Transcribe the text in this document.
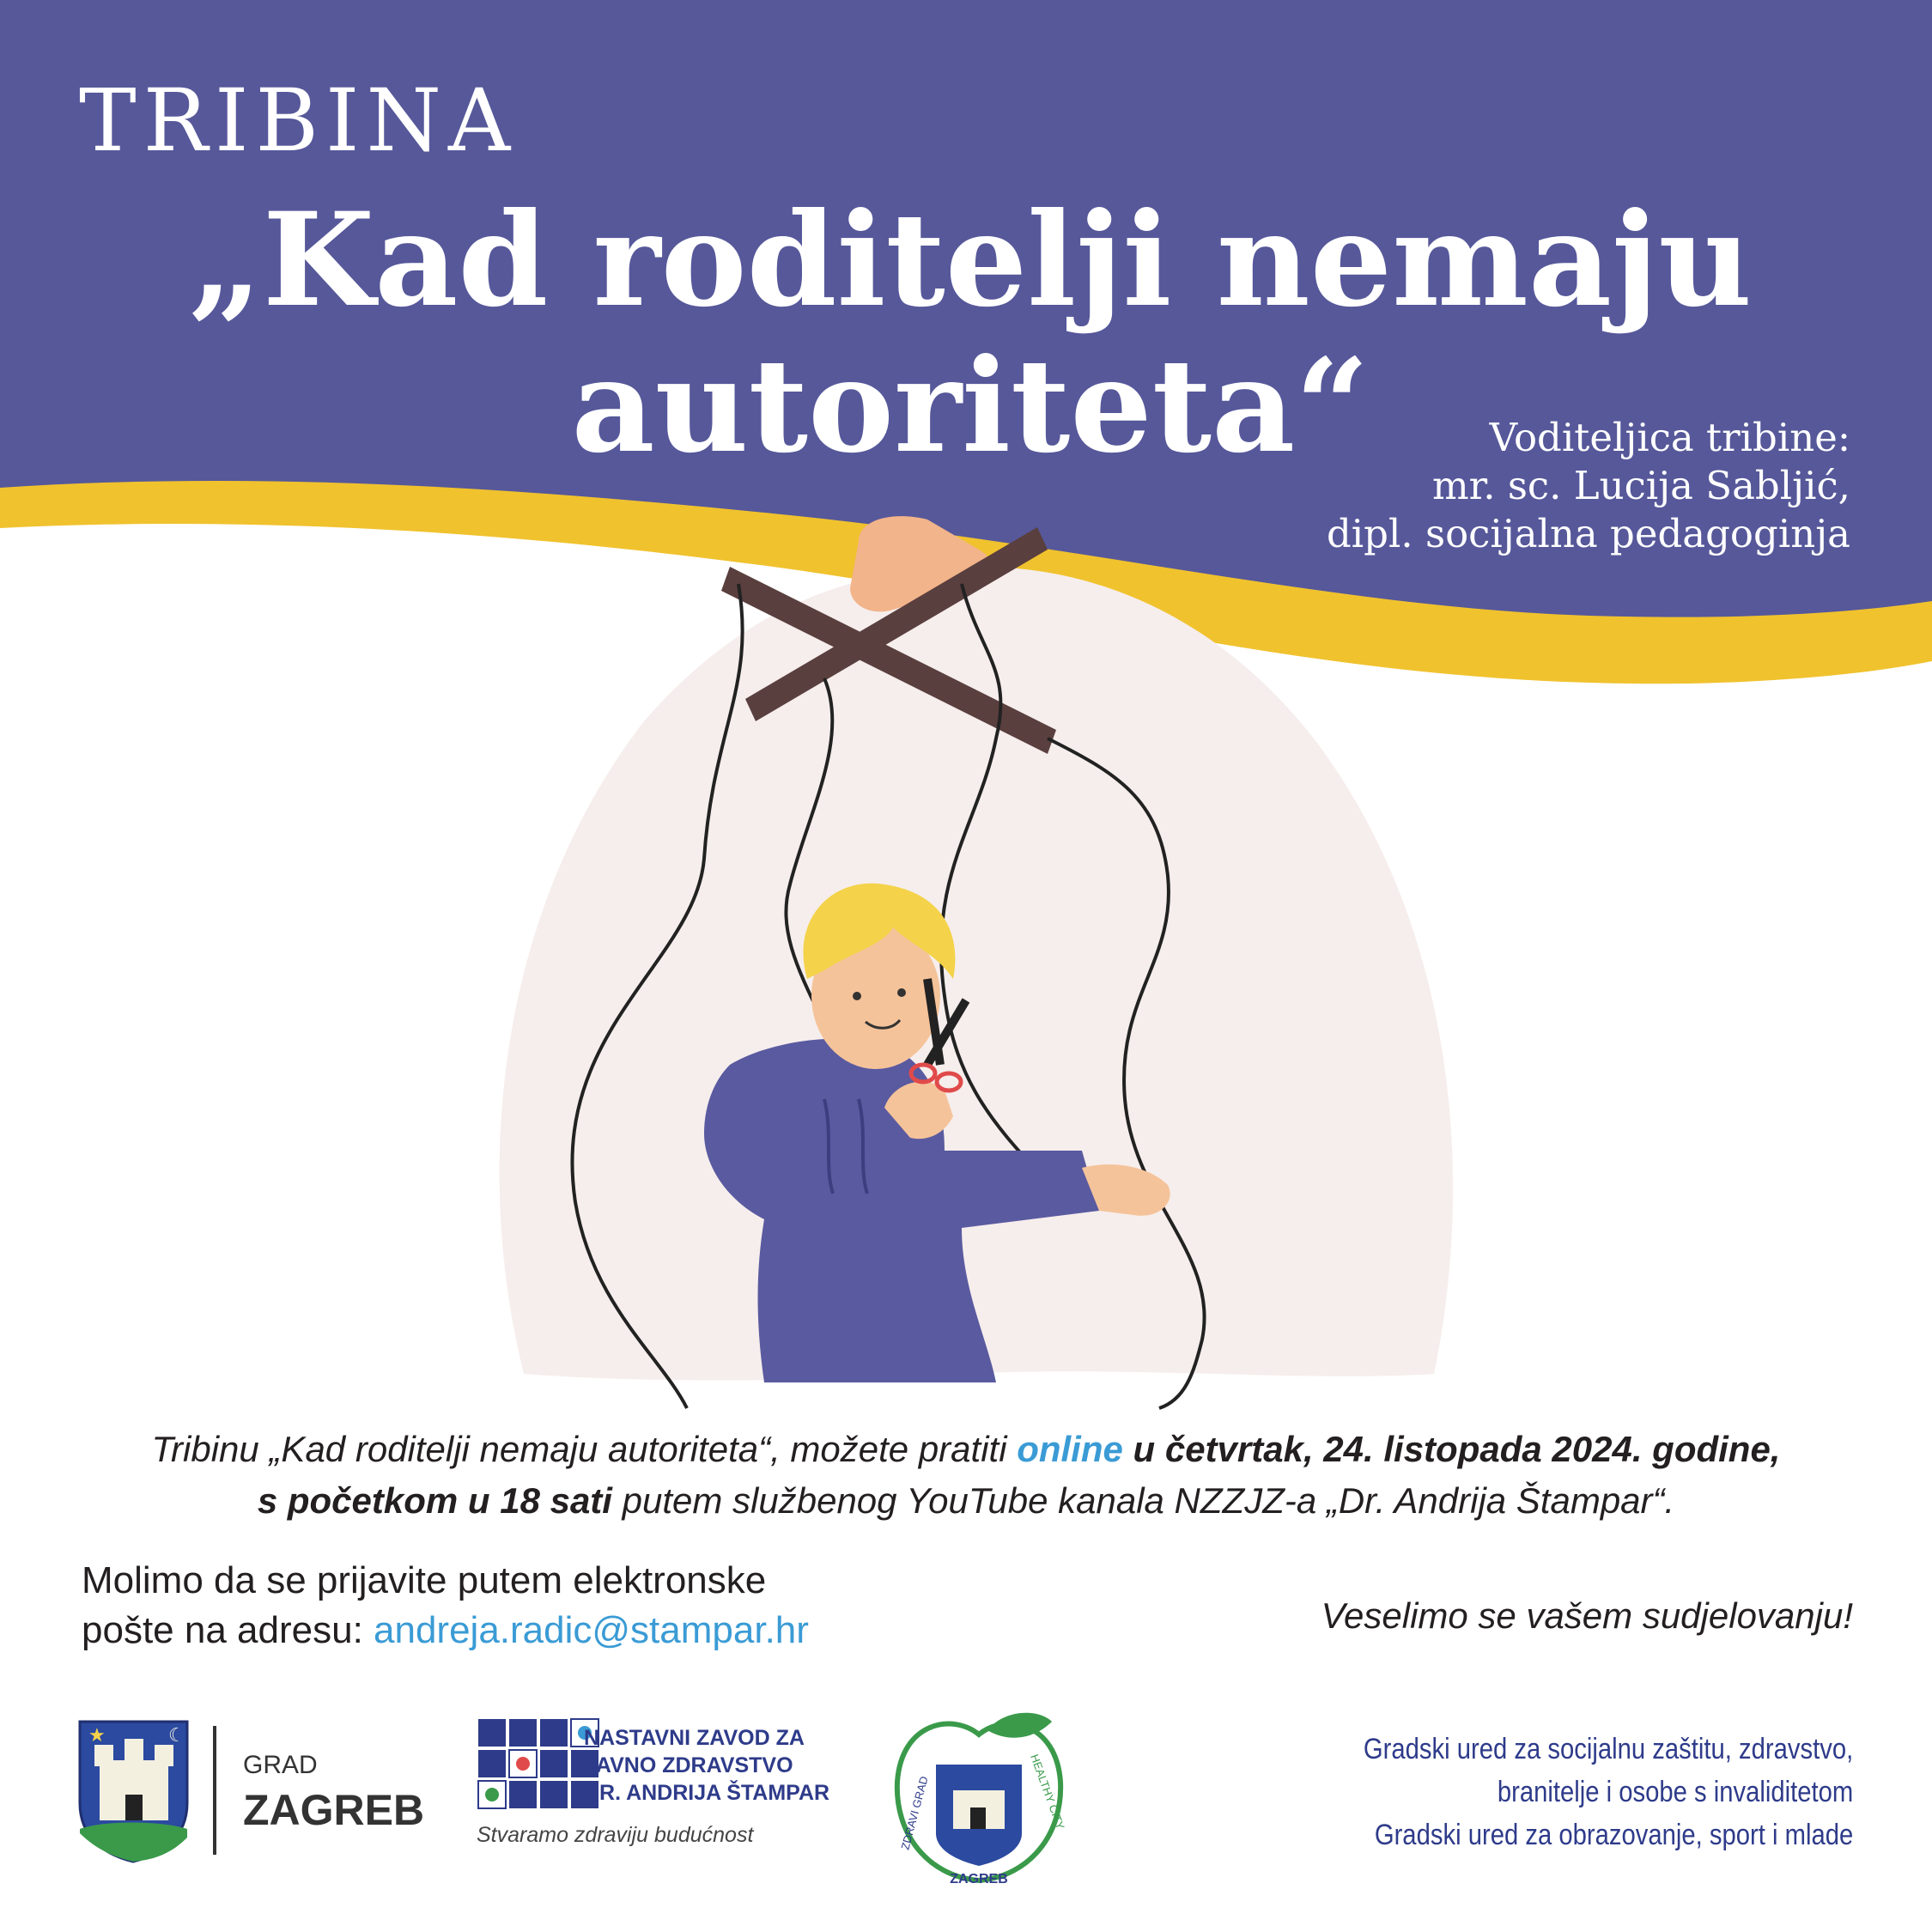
TRIBINA
„Kad roditelji nemaju
autoriteta“	Voditeljica tribine:
mr. sc. Lucija Sabljić,
dipl. socijalna pedagoginja
Tribinu „Kad roditelji nemaju autoriteta“, možete pratiti online u četvrtak, 24. listopada 2024. godine,
s početkom u 18 sati putem službenog YouTube kanala NZZJZ-a „Dr. Andrija Štampar“.
Molimo da se prijavite putem elektronske
pošte na adresu: andreja.radic@stampar.hr	Veselimo se vašem sudjelovanju!
★	☾
GRAD
ZAGREB
NASTAVNI ZAVOD ZA
JAVNO ZDRAVSTVO
DR. ANDRIJA ŠTAMPAR
Stvaramo zdraviju budućnost
ZAGREB
ZDRAVI GRAD	HEALTHY CITY
Gradski ured za socijalnu zaštitu, zdravstvo,
branitelje i osobe s invaliditetom
Gradski ured za obrazovanje, sport i mlade
